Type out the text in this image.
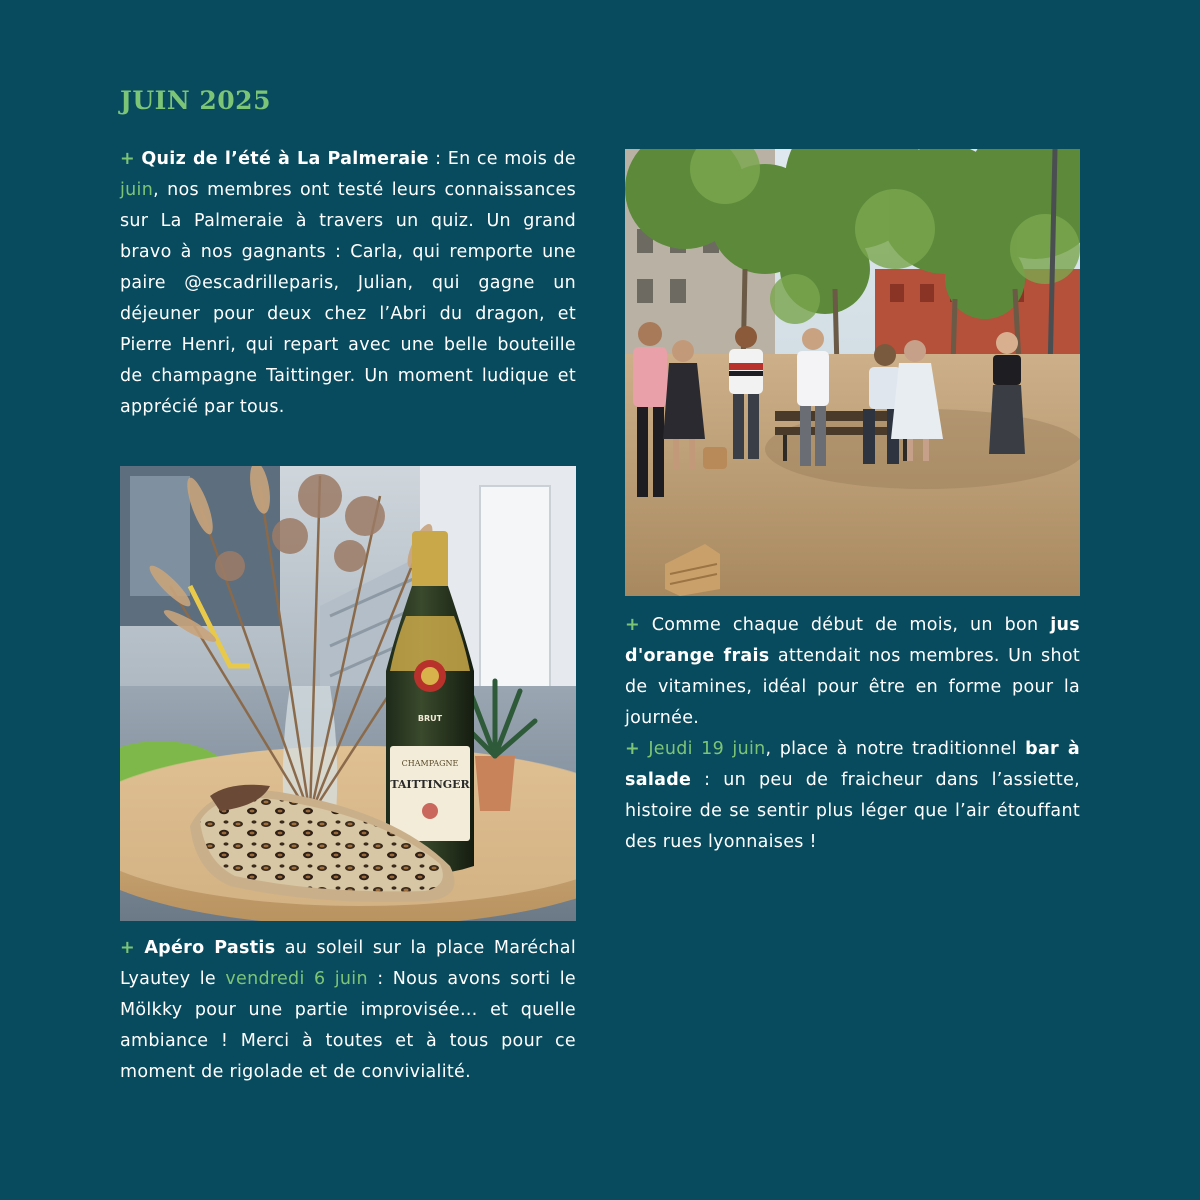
JUIN 2025

+ Quiz de l’été à La Palmeraie : En ce mois de juin, nos membres ont testé leurs connaissances sur La Palmeraie à travers un quiz. Un grand bravo à nos gagnants : Carla, qui remporte une paire @escadrilleparis, Julian, qui gagne un déjeuner pour deux chez l’Abri du dragon, et Pierre Henri, qui repart avec une belle bouteille de champagne Taittinger. Un moment ludique et apprécié par tous.

CHAMPAGNE
TAITTINGER
BRUT

+ Apéro Pastis au soleil sur la place Maréchal Lyautey le vendredi 6 juin : Nous avons sorti le Mölkky pour une partie improvisée… et quelle ambiance ! Merci à toutes et à tous pour ce moment de rigolade et de convivialité.

+ Comme chaque début de mois, un bon jus d'orange frais attendait nos membres. Un shot de vitamines, idéal pour être en forme pour la journée.
+ Jeudi 19 juin, place à notre traditionnel bar à salade : un peu de fraicheur dans l’assiette, histoire de se sentir plus léger que l’air étouffant des rues lyonnaises !
